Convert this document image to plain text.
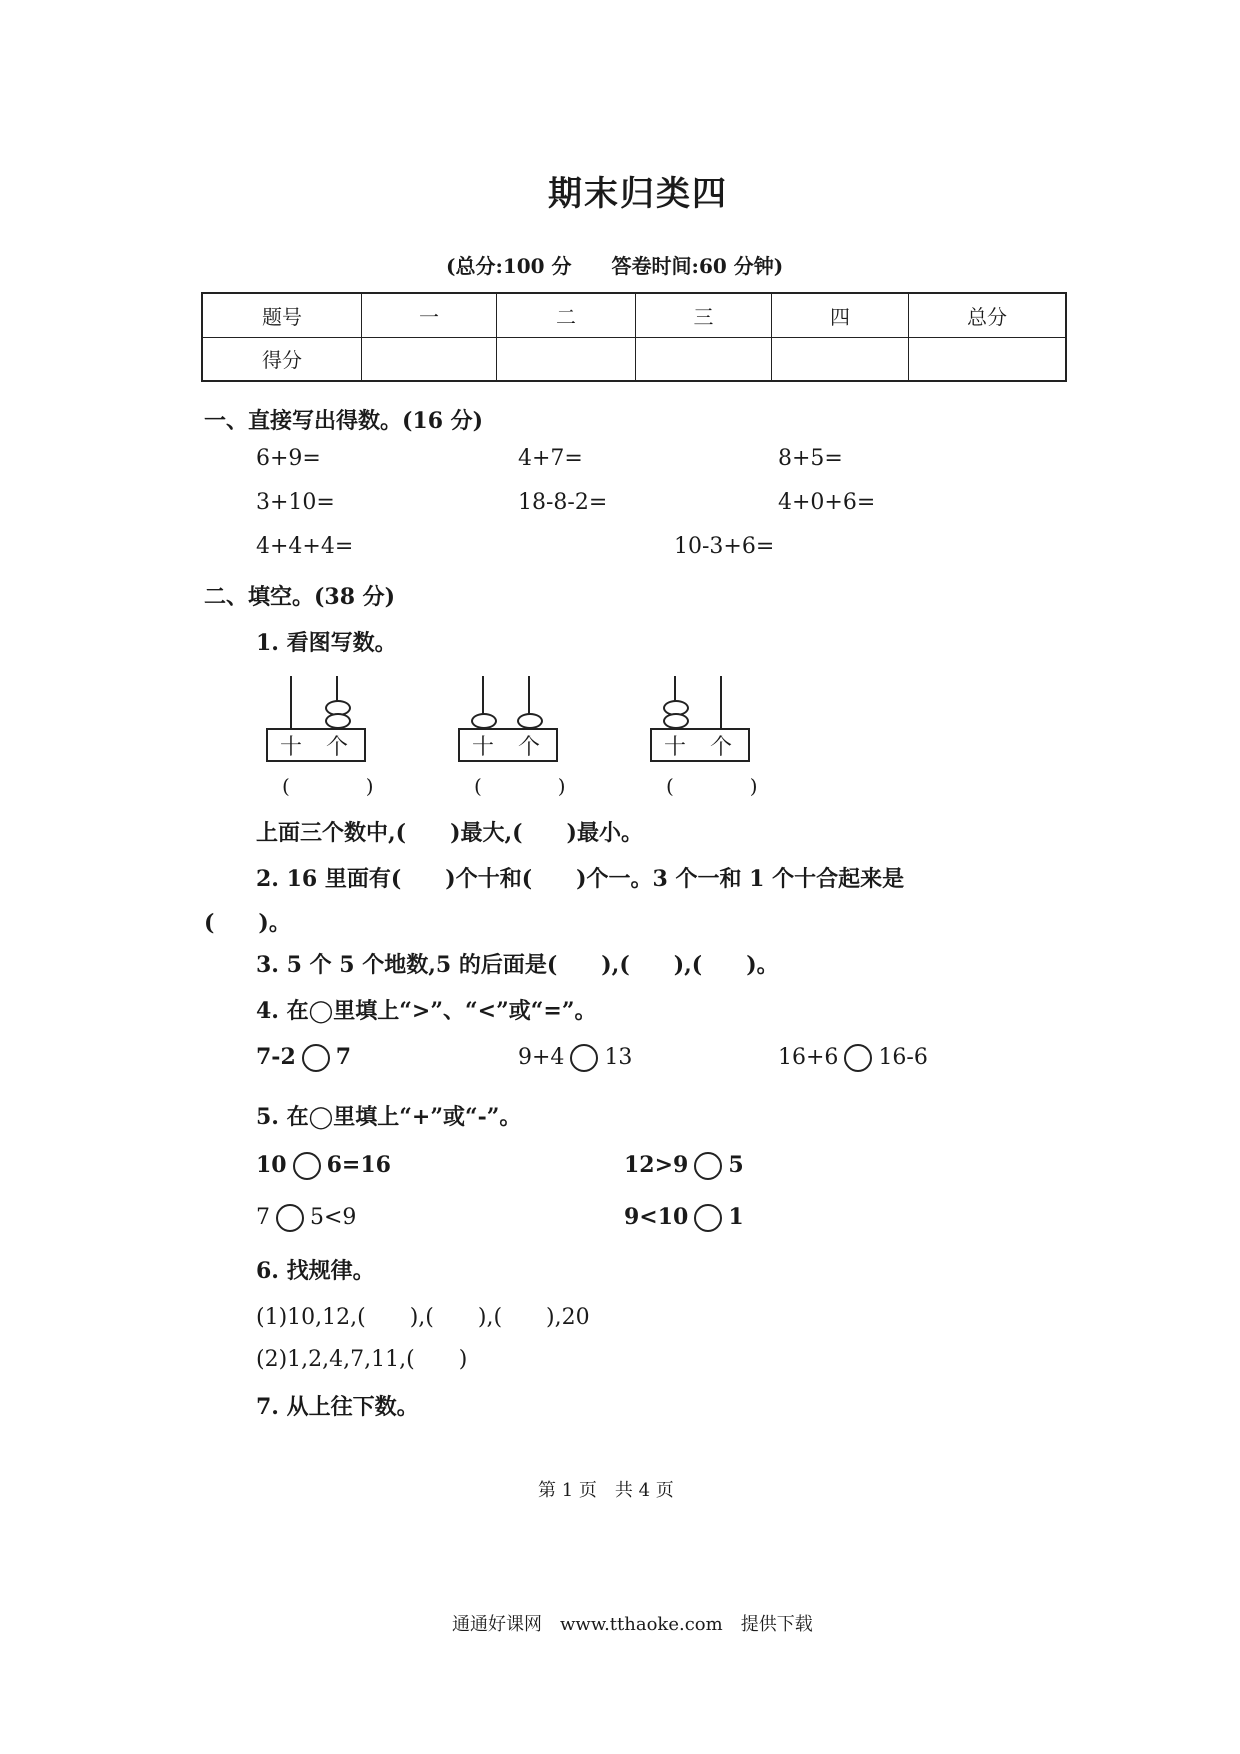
期末归类四
(总分:100 分　　答卷时间:60 分钟)
题号	一	二	三	四	总分
得分					
一、直接写出得数。(16 分)
6+9=	4+7=	8+5=
3+10=	18-8-2=	4+0+6=
4+4+4=	10-3+6=
二、填空。(38 分)
1. 看图写数。
十 个
(　)
十 个
(　)
十 个
(　)
上面三个数中,(　　)最大,(　　)最小。
2. 16 里面有(　　)个十和(　　)个一。3 个一和 1 个十合起来是
(　　)。
3. 5 个 5 个地数,5 的后面是(　　),(　　),(　　)。
4. 在◯里填上“>”、“<”或“=”。
7-2 7	9+4 13	16+6 16-6
5. 在◯里填上“+”或“-”。
10 6=16	12>9 5
7 5<9	9<10 1
6. 找规律。
(1)10,12,(　　),(　　),(　　),20
(2)1,2,4,7,11,(　　)
7. 从上往下数。
第 1 页　共 4 页
通通好课网　www.tthaoke.com　提供下载
